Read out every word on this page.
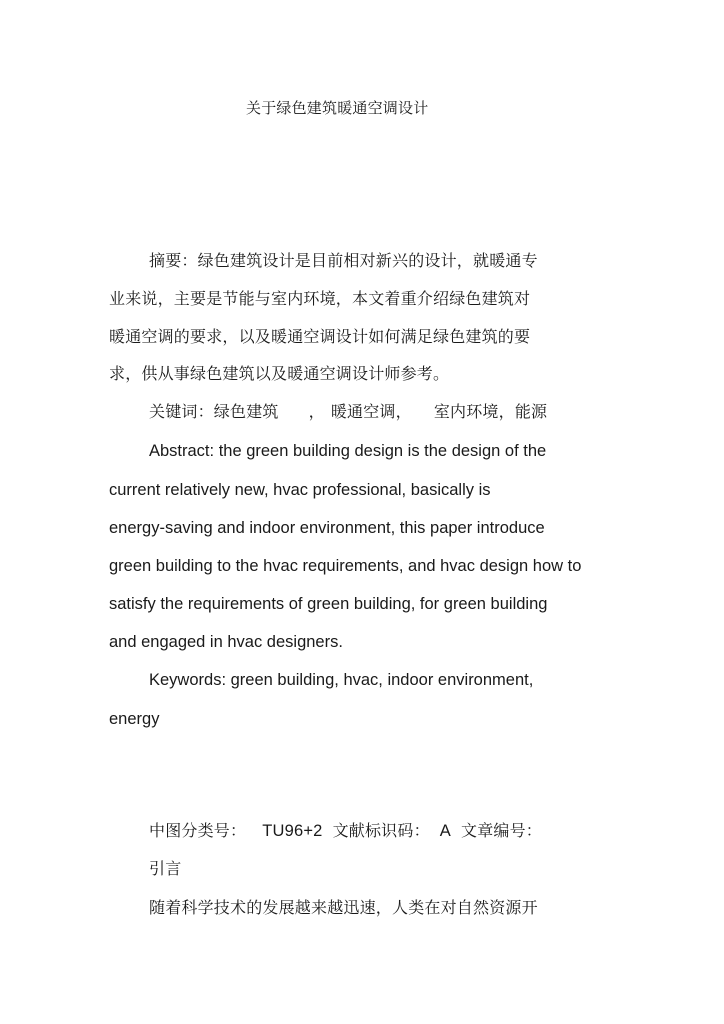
关于绿色建筑暖通空调设计
摘要：绿色建筑设计是目前相对新兴的设计，就暖通专
业来说，主要是节能与室内环境，本文着重介绍绿色建筑对
暖通空调的要求，以及暖通空调设计如何满足绿色建筑的要
求，供从事绿色建筑以及暖通空调设计师参考。
关键词：绿色建筑 ， 暖通空调， 室内环境，能源
Abstract: the green building design is the design of the
current relatively new, hvac professional, basically is
energy-saving and indoor environment, this paper introduce
green building to the hvac requirements, and hvac design how to
satisfy the requirements of green building, for green building
and engaged in hvac designers.
Keywords: green building, hvac, indoor environment,
energy
中图分类号： TU96+2 文献标识码： A 文章编号：
引言
随着科学技术的发展越来越迅速，人类在对自然资源开
